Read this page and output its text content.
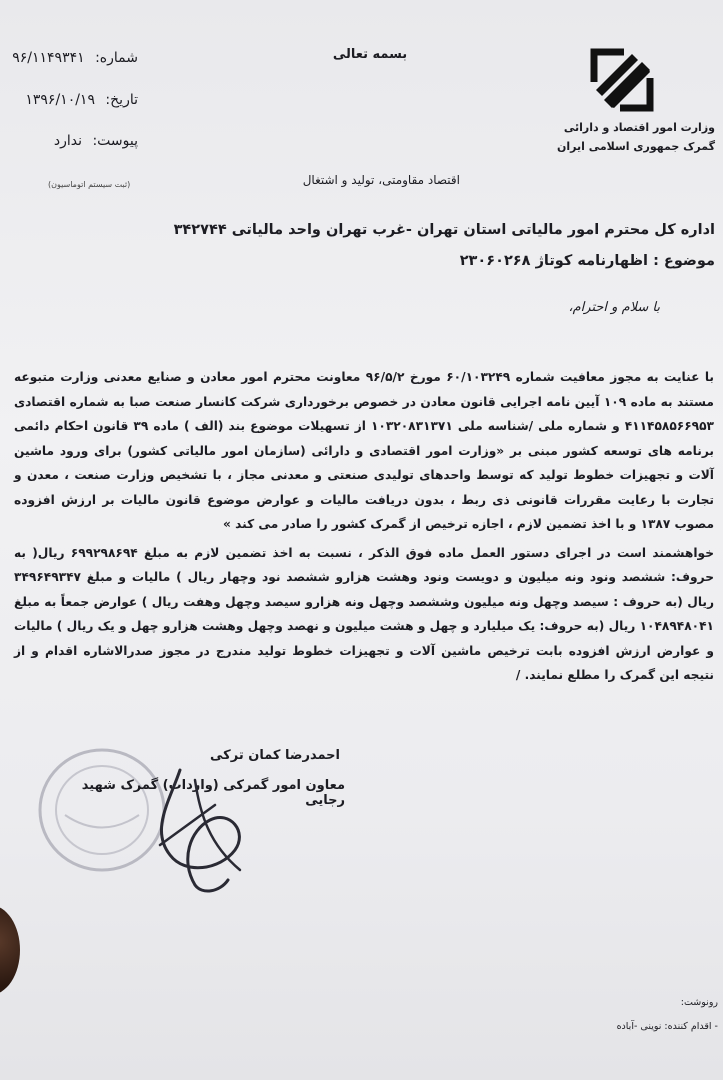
بسمه تعالی
شماره: ۹۶/۱۱۴۹۳۴۱
تاریخ: ۱۳۹۶/۱۰/۱۹
پیوست: ندارد
(ثبت سیستم اتوماسیون)
وزارت امور اقتصاد و دارائی
گمرک جمهوری اسلامی ایران
اقتصاد مقاومتی، تولید و اشتغال
اداره کل محترم امور مالیاتی استان تهران -غرب تهران واحد مالیاتی ۳۴۲۷۴۴
موضوع : اظهارنامه کوتاژ ۲۳۰۶۰۲۶۸
با سلام و احترام،

با عنایت به مجوز معافیت شماره ۶۰/۱۰۳۲۴۹ مورخ ۹۶/۵/۲ معاونت محترم امور معادن و صنایع معدنی وزارت متبوعه مستند به ماده ۱۰۹ آیین نامه اجرایی قانون معادن در خصوص برخورداری شرکت کانسار صنعت صبا به شماره اقتصادی ۴۱۱۴۵۸۵۶۶۹۵۳ و شماره ملی /شناسه ملی ۱۰۳۲۰۸۳۱۳۷۱ از تسهیلات موضوع بند (الف ) ماده ۳۹ قانون احکام دائمی برنامه های توسعه کشور مبنی بر «وزارت امور اقتصادی و دارائی (سازمان امور مالیاتی کشور) برای ورود ماشین آلات و تجهیزات خطوط تولید که توسط واحدهای تولیدی صنعتی و معدنی مجاز ، با تشخیص وزارت صنعت ، معدن و تجارت با رعایت مقررات قانونی ذی ربط ، بدون دریافت مالیات و عوارض موضوع قانون مالیات بر ارزش افزوده مصوب ۱۳۸۷ و با اخذ تضمین لازم ، اجازه ترخیص از گمرک کشور را صادر می کند »

خواهشمند است در اجرای دستور العمل ماده فوق الذکر ، نسبت به اخذ تضمین لازم به مبلغ ۶۹۹۲۹۸۶۹۴ ریال( به حروف: ششصد ونود ونه میلیون و دویست ونود وهشت هزارو ششصد نود وچهار ریال ) مالیات و مبلغ ۳۴۹۶۴۹۳۴۷ ریال (به حروف : سیصد وچهل ونه میلیون وششصد وچهل ونه هزارو سیصد وچهل وهفت ریال ) عوارض جمعاً به مبلغ ۱۰۴۸۹۴۸۰۴۱ ریال (به حروف: یک میلیارد و چهل و هشت میلیون و نهصد وچهل وهشت هزارو چهل و یک ریال ) مالیات و عوارض ارزش افزوده بابت ترخیص ماشین آلات و تجهیزات خطوط تولید مندرج در مجوز صدرالاشاره اقدام و از نتیجه این گمرک را مطلع نمایند. /

احمدرضا کمان ترکی
معاون امور گمرکی (واردات) گمرک شهید رجایی
رونوشت:
- اقدام کننده: نوینی -آباده
